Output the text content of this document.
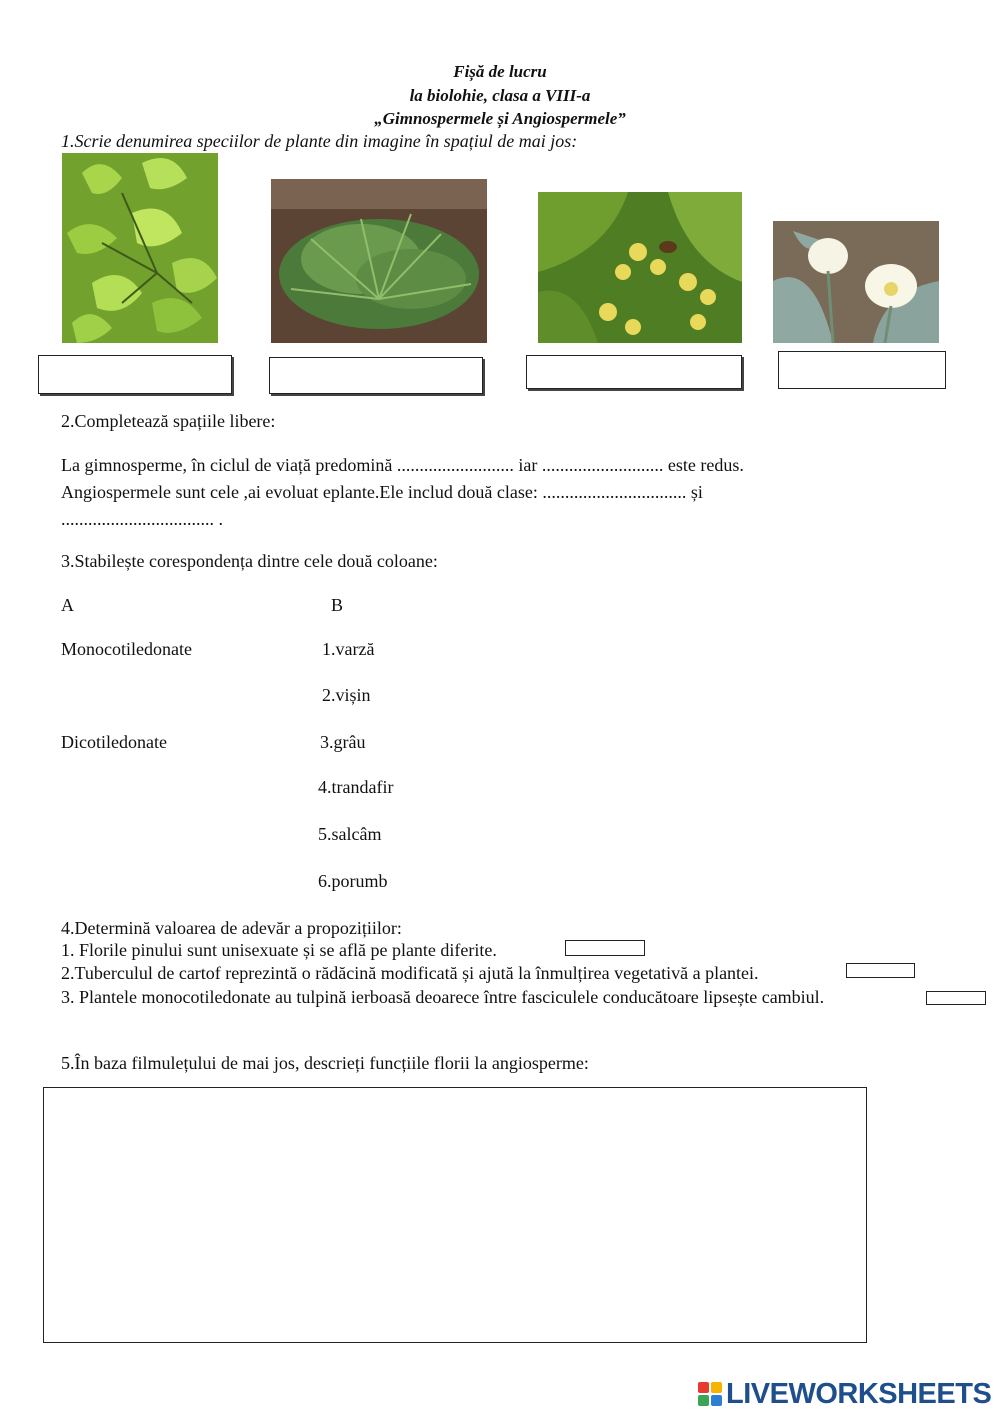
Fișă de lucru
la biolohie, clasa a VIII-a
„Gimnospermele și Angiospermele”
1.Scrie denumirea speciilor de plante din imagine în spațiul de mai jos:
2.Completează spațiile libere:
La gimnosperme, în ciclul de viață predomină .......................... iar ........................... este redus.
Angiospermele sunt cele ,ai evoluat eplante.Ele includ două clase: ................................ și
.................................. .
3.Stabilește corespondența dintre cele două coloane:
A	B
Monocotiledonate
Dicotiledonate
1.varză
2.vișin
3.grâu
4.trandafir
5.salcâm
6.porumb
4.Determină valoarea de adevăr a propozițiilor:
1. Florile pinului sunt unisexuate și se află pe plante diferite.
2.Tuberculul de cartof reprezintă o rădăcină modificată și ajută la înmulțirea vegetativă a plantei.
3. Plantele monocotiledonate au tulpină ierboasă deoarece între fasciculele conducătoare lipsește cambiul.
5.În baza filmulețului de mai jos, descrieți funcțiile florii la angiosperme:
LIVEWORKSHEETS
